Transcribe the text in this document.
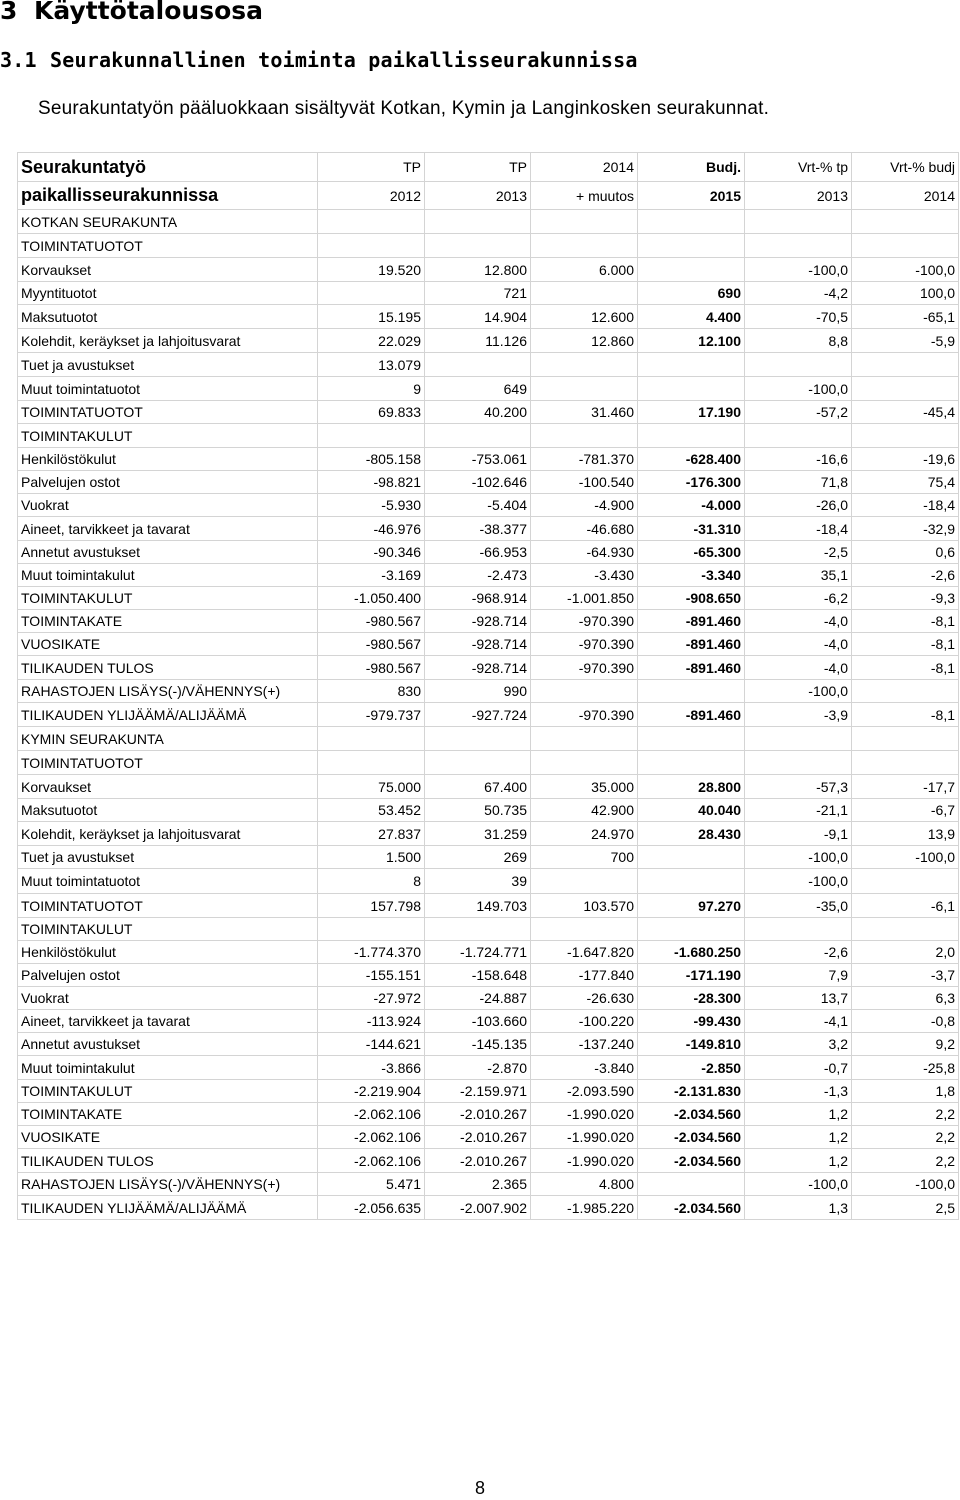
3 Käyttötalousosa
3.1 Seurakunnallinen toiminta paikallisseurakunnissa
Seurakuntatyön pääluokkaan sisältyvät Kotkan, Kymin ja Langinkosken seurakunnat.
Seurakuntatyö	TP	TP	2014	Budj.	Vrt-% tp	Vrt-% budj
paikallisseurakunnissa	2012	2013	+ muutos	2015	2013	2014
KOTKAN SEURAKUNTA						
TOIMINTATUOTOT						
Korvaukset	19.520	12.800	6.000		-100,0	-100,0
Myyntituotot		721		690	-4,2	100,0
Maksutuotot	15.195	14.904	12.600	4.400	-70,5	-65,1
Kolehdit, keräykset ja lahjoitusvarat	22.029	11.126	12.860	12.100	8,8	-5,9
Tuet ja avustukset	13.079					
Muut toimintatuotot	9	649			-100,0	
TOIMINTATUOTOT	69.833	40.200	31.460	17.190	-57,2	-45,4
TOIMINTAKULUT						
Henkilöstökulut	-805.158	-753.061	-781.370	-628.400	-16,6	-19,6
Palvelujen ostot	-98.821	-102.646	-100.540	-176.300	71,8	75,4
Vuokrat	-5.930	-5.404	-4.900	-4.000	-26,0	-18,4
Aineet, tarvikkeet ja tavarat	-46.976	-38.377	-46.680	-31.310	-18,4	-32,9
Annetut avustukset	-90.346	-66.953	-64.930	-65.300	-2,5	0,6
Muut toimintakulut	-3.169	-2.473	-3.430	-3.340	35,1	-2,6
TOIMINTAKULUT	-1.050.400	-968.914	-1.001.850	-908.650	-6,2	-9,3
TOIMINTAKATE	-980.567	-928.714	-970.390	-891.460	-4,0	-8,1
VUOSIKATE	-980.567	-928.714	-970.390	-891.460	-4,0	-8,1
TILIKAUDEN TULOS	-980.567	-928.714	-970.390	-891.460	-4,0	-8,1
RAHASTOJEN LISÄYS(-)/VÄHENNYS(+)	830	990			-100,0	
TILIKAUDEN YLIJÄÄMÄ/ALIJÄÄMÄ	-979.737	-927.724	-970.390	-891.460	-3,9	-8,1
KYMIN SEURAKUNTA						
TOIMINTATUOTOT						
Korvaukset	75.000	67.400	35.000	28.800	-57,3	-17,7
Maksutuotot	53.452	50.735	42.900	40.040	-21,1	-6,7
Kolehdit, keräykset ja lahjoitusvarat	27.837	31.259	24.970	28.430	-9,1	13,9
Tuet ja avustukset	1.500	269	700		-100,0	-100,0
Muut toimintatuotot	8	39			-100,0	
TOIMINTATUOTOT	157.798	149.703	103.570	97.270	-35,0	-6,1
TOIMINTAKULUT						
Henkilöstökulut	-1.774.370	-1.724.771	-1.647.820	-1.680.250	-2,6	2,0
Palvelujen ostot	-155.151	-158.648	-177.840	-171.190	7,9	-3,7
Vuokrat	-27.972	-24.887	-26.630	-28.300	13,7	6,3
Aineet, tarvikkeet ja tavarat	-113.924	-103.660	-100.220	-99.430	-4,1	-0,8
Annetut avustukset	-144.621	-145.135	-137.240	-149.810	3,2	9,2
Muut toimintakulut	-3.866	-2.870	-3.840	-2.850	-0,7	-25,8
TOIMINTAKULUT	-2.219.904	-2.159.971	-2.093.590	-2.131.830	-1,3	1,8
TOIMINTAKATE	-2.062.106	-2.010.267	-1.990.020	-2.034.560	1,2	2,2
VUOSIKATE	-2.062.106	-2.010.267	-1.990.020	-2.034.560	1,2	2,2
TILIKAUDEN TULOS	-2.062.106	-2.010.267	-1.990.020	-2.034.560	1,2	2,2
RAHASTOJEN LISÄYS(-)/VÄHENNYS(+)	5.471	2.365	4.800		-100,0	-100,0
TILIKAUDEN YLIJÄÄMÄ/ALIJÄÄMÄ	-2.056.635	-2.007.902	-1.985.220	-2.034.560	1,3	2,5
8
